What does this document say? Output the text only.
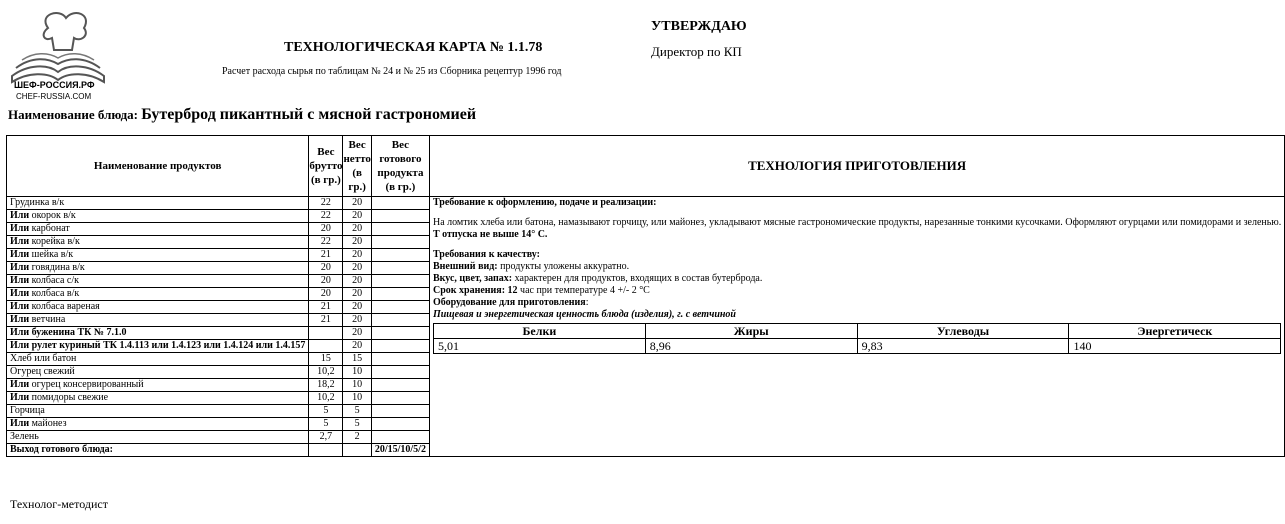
ШЕФ-РОССИЯ.РФ
CHEF-RUSSIA.COM
ТЕХНОЛОГИЧЕСКАЯ КАРТА № 1.1.78
Расчет расхода сырья по таблицам № 24 и № 25 из Сборника рецептур 1996 год
УТВЕРЖДАЮ
Директор по КП
Наименование блюда: Бутерброд пикантный с мясной гастрономией
Наименование продуктов	Вес брутто (в гр.)	Вес нетто (в гр.)	Вес готового продукта (в гр.)	ТЕХНОЛОГИЯ ПРИГОТОВЛЕНИЯ
Грудинка в/к	22	20		Требование к оформлению, подаче и реализации:

На ломтик хлеба или батона, намазывают горчицу, или майонез, укладывают мясные гастрономические продукты, нарезанные тонкими кусочками. Оформляют огурцами или помидорами и зеленью.

Т отпуска не выше 14° С.

Требования к качеству:

Внешний вид: продукты уложены аккуратно.

Вкус, цвет, запах: характерен для продуктов, входящих в состав бутерброда.

Срок хранения: 12 час при температуре 4 +/- 2 °С

Оборудование для приготовления:

Пищевая и энергетическая ценность блюда (изделия), г. с ветчиной

Белки	Жиры	Углеводы	Энергетическ
5,01	8,96	9,83	140

Или окорок в/к	22	20	
Или карбонат	20	20	
Или корейка в/к	22	20	
Или шейка в/к	21	20	
Или говядина в/к	20	20	
Или колбаса с/к	20	20	
Или колбаса в/к	20	20	
Или колбаса вареная	21	20	
Или ветчина	21	20	
Или буженина ТК № 7.1.0		20	
Или рулет куриный ТК 1.4.113 или 1.4.123 или 1.4.124 или 1.4.157		20	
Хлеб или батон	15	15	
Огурец свежий	10,2	10	
Или огурец консервированный	18,2	10	
Или помидоры свежие	10,2	10	
Горчица	5	5	
Или майонез	5	5	
Зелень	2,7	2	
Выход готового блюда:			20/15/10/5/2
Технолог-методист
